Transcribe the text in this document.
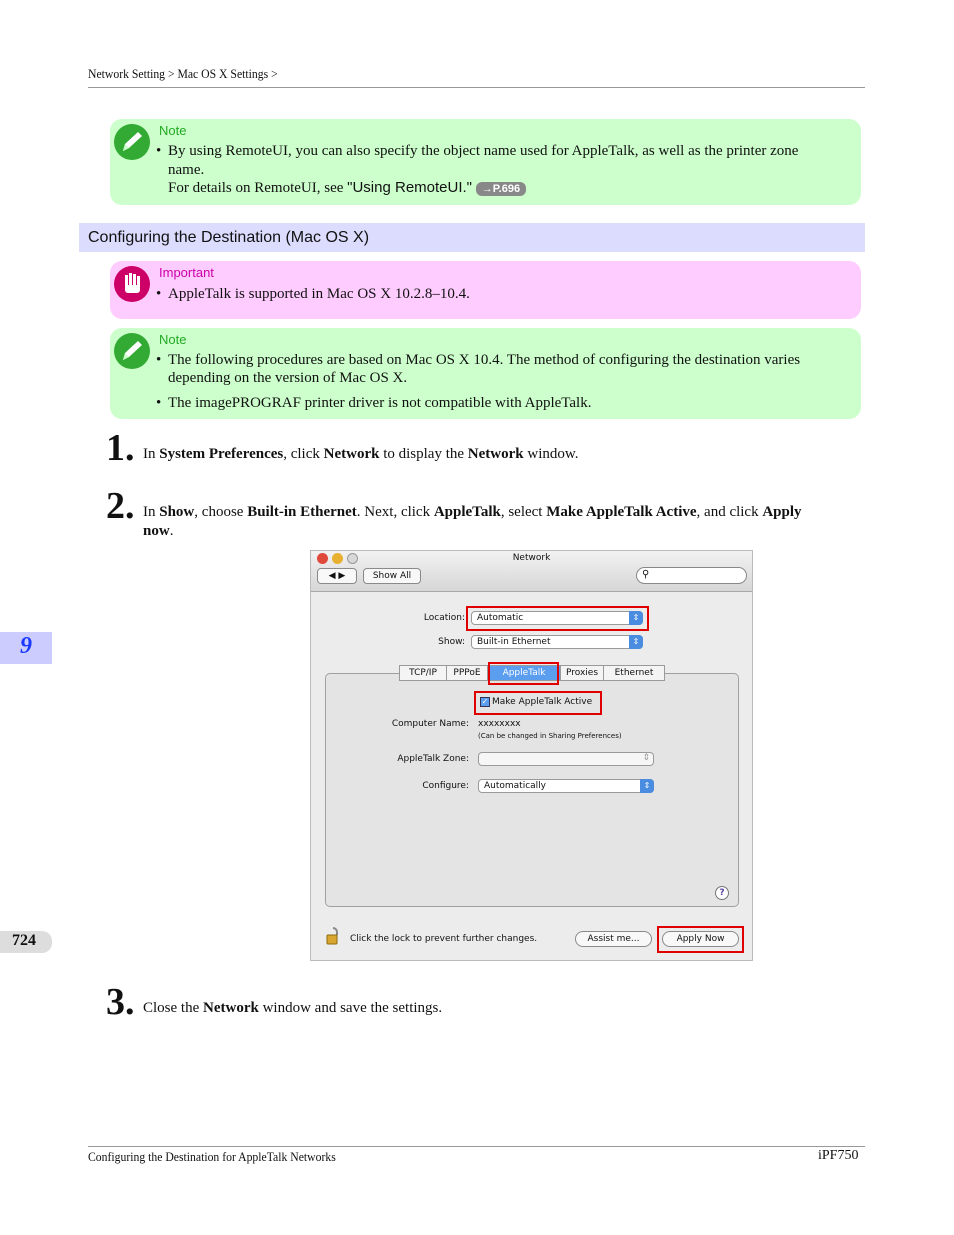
Network Setting > Mac OS X Settings >
Note
• By using RemoteUI, you can also specify the object name used for AppleTalk, as well as the printer zone
name.
For details on RemoteUI, see "Using RemoteUI." →P.696
Configuring the Destination (Mac OS X)
Important
• AppleTalk is supported in Mac OS X 10.2.8–10.4.
Note
• The following procedures are based on Mac OS X 10.4. The method of configuring the destination varies
depending on the version of Mac OS X.
• The imagePROGRAF printer driver is not compatible with AppleTalk.
1. In System Preferences, click Network to display the Network window.
2. In Show, choose Built-in Ethernet. Next, click AppleTalk, select Make AppleTalk Active, and click Apply
now.
Network
◀ ▶	Show All	⚲
Location: Automatic	⇕
Show: Built-in Ethernet	⇕
TCP/IP	PPPoE	AppleTalk	Proxies	Ethernet
✓ Make AppleTalk Active
Computer Name: xxxxxxxx
(Can be changed in Sharing Preferences)
AppleTalk Zone:	⇕
Configure: Automatically	⇕
?
Click the lock to prevent further changes.	Assist me...	Apply Now
3. Close the Network window and save the settings.
9
724
Configuring the Destination for AppleTalk Networks	iPF750
